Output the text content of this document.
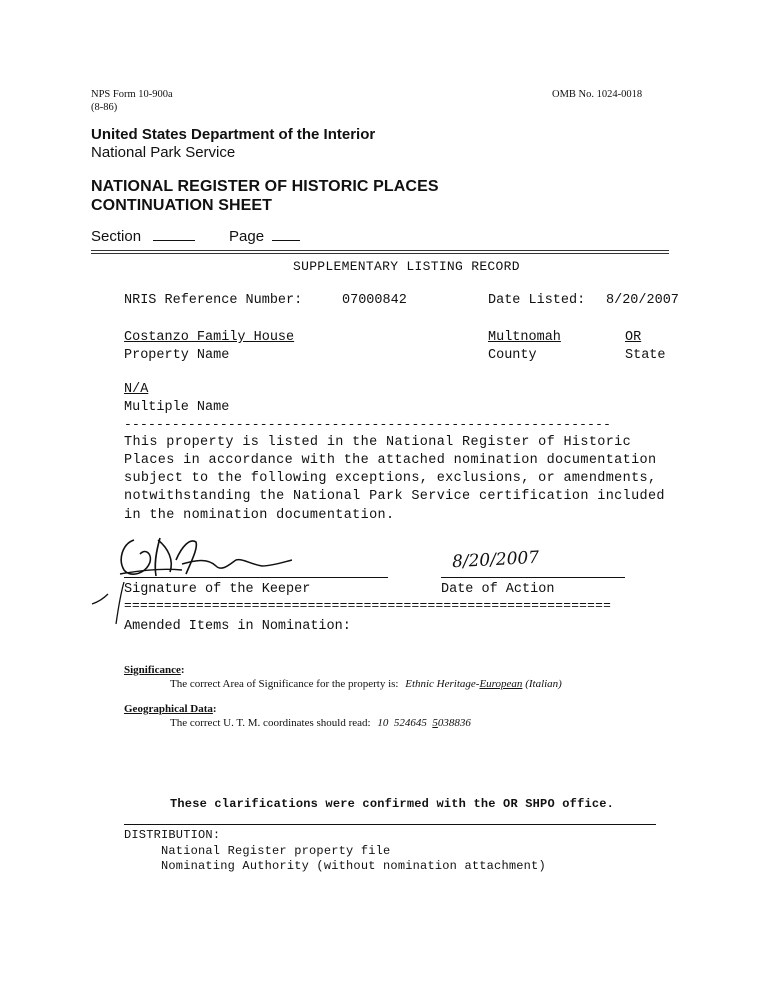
NPS Form 10-900a
(8-86)
OMB No. 1024-0018
United States Department of the Interior
National Park Service
NATIONAL REGISTER OF HISTORIC PLACES
CONTINUATION SHEET
Section	Page
SUPPLEMENTARY LISTING RECORD
NRIS Reference Number:	07000842	Date Listed: 8/20/2007
Costanzo Family House
Property Name
Multnomah
County
OR
State
N/A
Multiple Name
-------------------------------------------------------------
This property is listed in the National Register of Historic
Places in accordance with the attached nomination documentation
subject to the following exceptions, exclusions, or amendments,
notwithstanding the National Park Service certification included
in the nomination documentation.
Signature of the Keeper
8/20/2007
Date of Action
=============================================================
Amended Items in Nomination:
Significance:
The correct Area of Significance for the property is: Ethnic Heritage-European (Italian)
Geographical Data:
The correct U. T. M. coordinates should read: 10  524645  5038836
These clarifications were confirmed with the OR SHPO office.
DISTRIBUTION:
National Register property file
Nominating Authority (without nomination attachment)
